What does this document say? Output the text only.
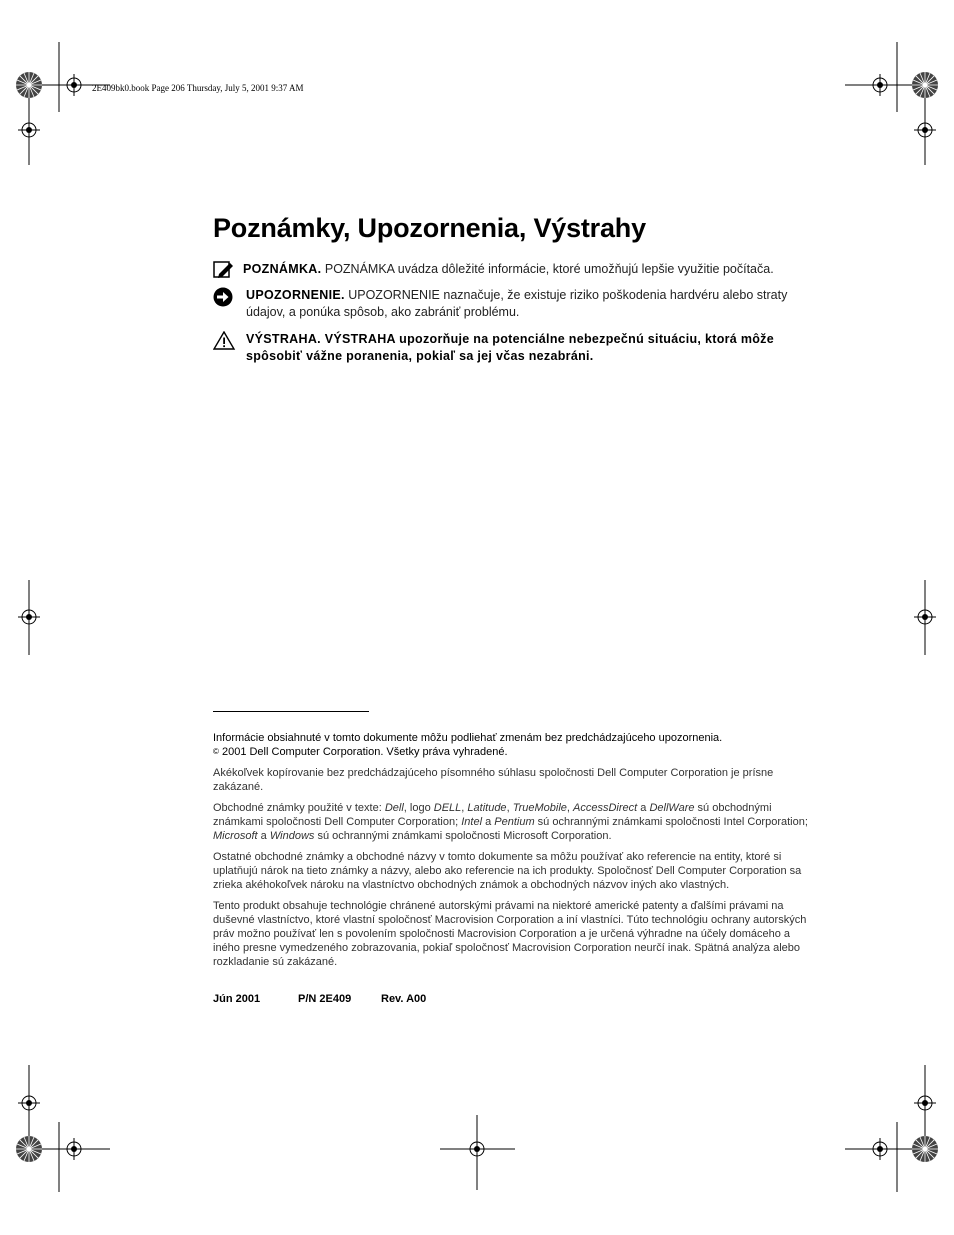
2E409bk0.book Page 206 Thursday, July 5, 2001 9:37 AM
Poznámky, Upozornenia, Výstrahy
POZNÁMKA. POZNÁMKA uvádza dôležité informácie, ktoré umožňujú lepšie využitie počítača.
UPOZORNENIE. UPOZORNENIE naznačuje, že existuje riziko poškodenia hardvéru alebo straty údajov, a ponúka spôsob, ako zabrániť problému.
VÝSTRAHA. VÝSTRAHA upozorňuje na potenciálne nebezpečnú situáciu, ktorá môže spôsobiť vážne poranenia, pokiaľ sa jej včas nezabráni.

Informácie obsiahnuté v tomto dokumente môžu podliehať zmenám bez predchádzajúceho upozornenia.

© 2001 Dell Computer Corporation. Všetky práva vyhradené.

Akékoľvek kopírovanie bez predchádzajúceho písomného súhlasu spoločnosti Dell Computer Corporation je prísne zakázané.

Obchodné známky použité v texte: Dell, logo DELL, Latitude, TrueMobile, AccessDirect a DellWare sú obchodnými známkami spoločnosti Dell Computer Corporation; Intel a Pentium sú ochrannými známkami spoločnosti Intel Corporation; Microsoft a Windows sú ochrannými známkami spoločnosti Microsoft Corporation.

Ostatné obchodné známky a obchodné názvy v tomto dokumente sa môžu používať ako referencie na entity, ktoré si uplatňujú nárok na tieto známky a názvy, alebo ako referencie na ich produkty. Spoločnosť Dell Computer Corporation sa zrieka akéhokoľvek nároku na vlastníctvo obchodných známok a obchodných názvov iných ako vlastných.

Tento produkt obsahuje technológie chránené autorskými právami na niektoré americké patenty a ďalšími právami na duševné vlastníctvo, ktoré vlastní spoločnosť Macrovision Corporation a iní vlastníci. Túto technológiu ochrany autorských práv možno používať len s povolením spoločnosti Macrovision Corporation a je určená výhradne na účely domáceho a iného presne vymedzeného zobrazovania, pokiaľ spoločnosť Macrovision Corporation neurčí inak. Spätná analýza alebo rozkladanie sú zakázané.

Jún 2001	P/N 2E409	Rev. A00
